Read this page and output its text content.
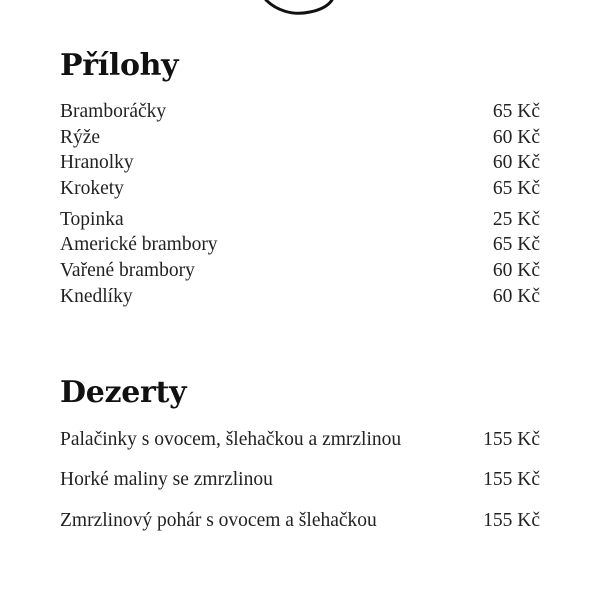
Přílohy
Bramboráčky	65 Kč
Rýže	60 Kč
Hranolky	60 Kč
Krokety	65 Kč
Topinka	25 Kč
Americké brambory	65 Kč
Vařené brambory	60 Kč
Knedlíky	60 Kč
Dezerty
Palačinky s ovocem, šlehačkou a zmrzlinou	155 Kč
Horké maliny se zmrzlinou	155 Kč
Zmrzlinový pohár s ovocem a šlehačkou	155 Kč
